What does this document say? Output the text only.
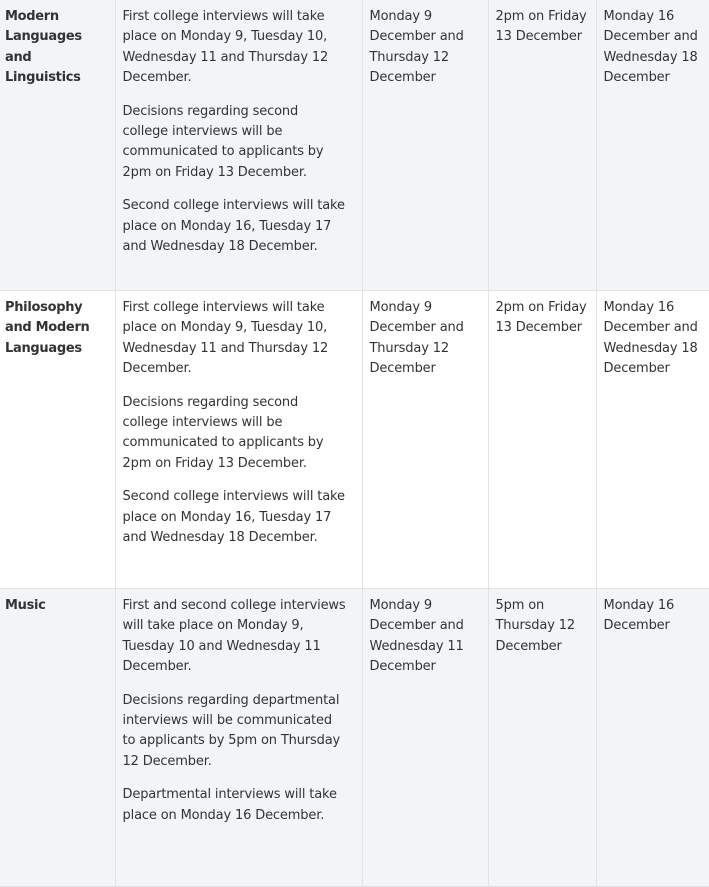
Modern Languages and Linguistics	First college interviews will take place on Monday 9, Tuesday 10, Wednesday 11 and Thursday 12 December.

Decisions regarding second college interviews will be communicated to applicants by 2pm on Friday 13 December.

Second college interviews will take place on Monday 16, Tuesday 17 and Wednesday 18 December.	Monday 9 December and Thursday 12 December	2pm on Friday 13 December	Monday 16 December and Wednesday 18 December
Philosophy and Modern Languages	First college interviews will take place on Monday 9, Tuesday 10, Wednesday 11 and Thursday 12 December.

Decisions regarding second college interviews will be communicated to applicants by 2pm on Friday 13 December.

Second college interviews will take place on Monday 16, Tuesday 17 and Wednesday 18 December.	Monday 9 December and Thursday 12 December	2pm on Friday 13 December	Monday 16 December and Wednesday 18 December
Music	First and second college interviews will take place on Monday 9, Tuesday 10 and Wednesday 11 December.

Decisions regarding departmental interviews will be communicated to applicants by 5pm on Thursday 12 December.

Departmental interviews will take place on Monday 16 December.	Monday 9 December and Wednesday 11 December	5pm on Thursday 12 December	Monday 16 December
